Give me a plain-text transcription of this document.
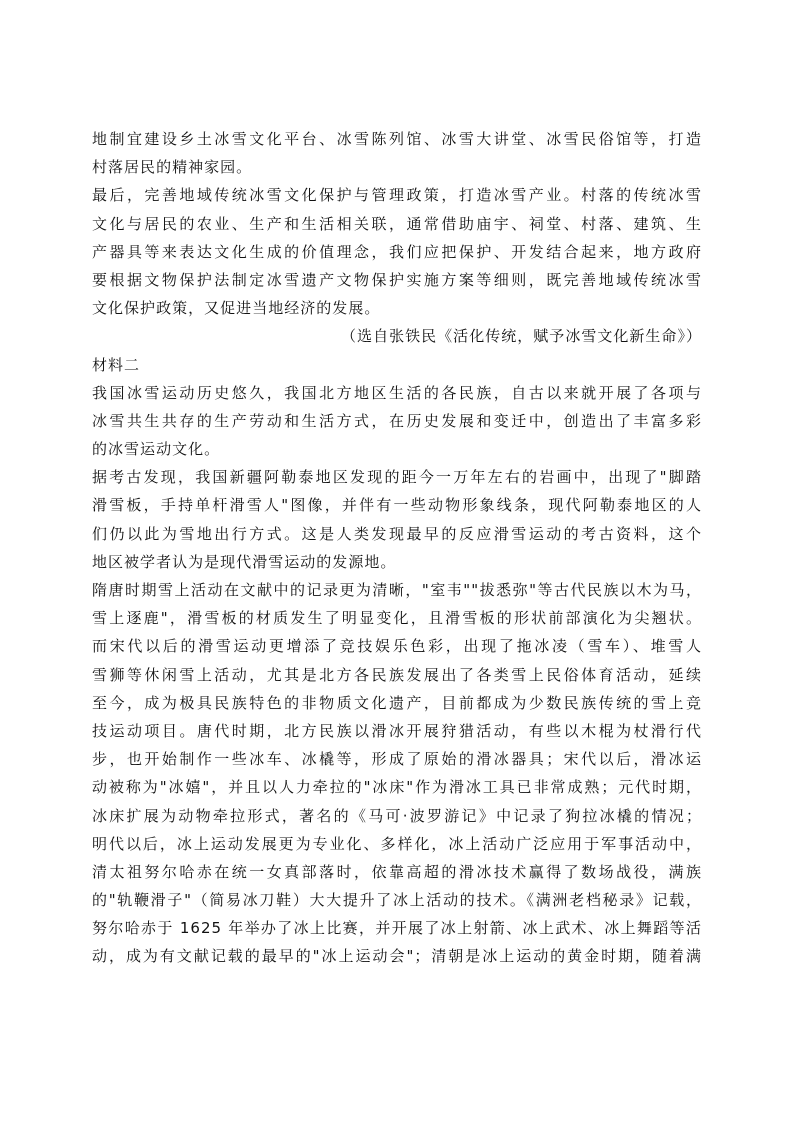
地制宜建设乡土冰雪文化平台、冰雪陈列馆、冰雪大讲堂、冰雪民俗馆等，打造
村落居民的精神家园。
最后，完善地域传统冰雪文化保护与管理政策，打造冰雪产业。村落的传统冰雪
文化与居民的农业、生产和生活相关联，通常借助庙宇、祠堂、村落、建筑、生
产器具等来表达文化生成的价值理念，我们应把保护、开发结合起来，地方政府
要根据文物保护法制定冰雪遗产文物保护实施方案等细则，既完善地域传统冰雪
文化保护政策，又促进当地经济的发展。
（选自张铁民《活化传统，赋予冰雪文化新生命》）
材料二
我国冰雪运动历史悠久，我国北方地区生活的各民族，自古以来就开展了各项与
冰雪共生共存的生产劳动和生活方式，在历史发展和变迁中，创造出了丰富多彩
的冰雪运动文化。
据考古发现，我国新疆阿勒泰地区发现的距今一万年左右的岩画中，出现了"脚踏
滑雪板，手持单杆滑雪人"图像，并伴有一些动物形象线条，现代阿勒泰地区的人
们仍以此为雪地出行方式。这是人类发现最早的反应滑雪运动的考古资料，这个
地区被学者认为是现代滑雪运动的发源地。
隋唐时期雪上活动在文献中的记录更为清晰，"室韦""拔悉弥"等古代民族以木为马，
雪上逐鹿"，滑雪板的材质发生了明显变化，且滑雪板的形状前部演化为尖翘状。
而宋代以后的滑雪运动更增添了竞技娱乐色彩，出现了拖冰凌（雪车）、堆雪人
雪狮等休闲雪上活动，尤其是北方各民族发展出了各类雪上民俗体育活动，延续
至今，成为极具民族特色的非物质文化遗产，目前都成为少数民族传统的雪上竞
技运动项目。唐代时期，北方民族以滑冰开展狩猎活动，有些以木棍为杖滑行代
步，也开始制作一些冰车、冰橇等，形成了原始的滑冰器具；宋代以后，滑冰运
动被称为"冰嬉"，并且以人力牵拉的"冰床"作为滑冰工具已非常成熟；元代时期，
冰床扩展为动物牵拉形式，著名的《马可·波罗游记》中记录了狗拉冰橇的情况；
明代以后，冰上运动发展更为专业化、多样化，冰上活动广泛应用于军事活动中，
清太祖努尔哈赤在统一女真部落时，依靠高超的滑冰技术赢得了数场战役，满族
的"轨鞭滑子"（简易冰刀鞋）大大提升了冰上活动的技术。《满洲老档秘录》记载，
努尔哈赤于 1625 年举办了冰上比赛，并开展了冰上射箭、冰上武术、冰上舞蹈等活
动，成为有文献记载的最早的"冰上运动会"；清朝是冰上运动的黄金时期，随着满
